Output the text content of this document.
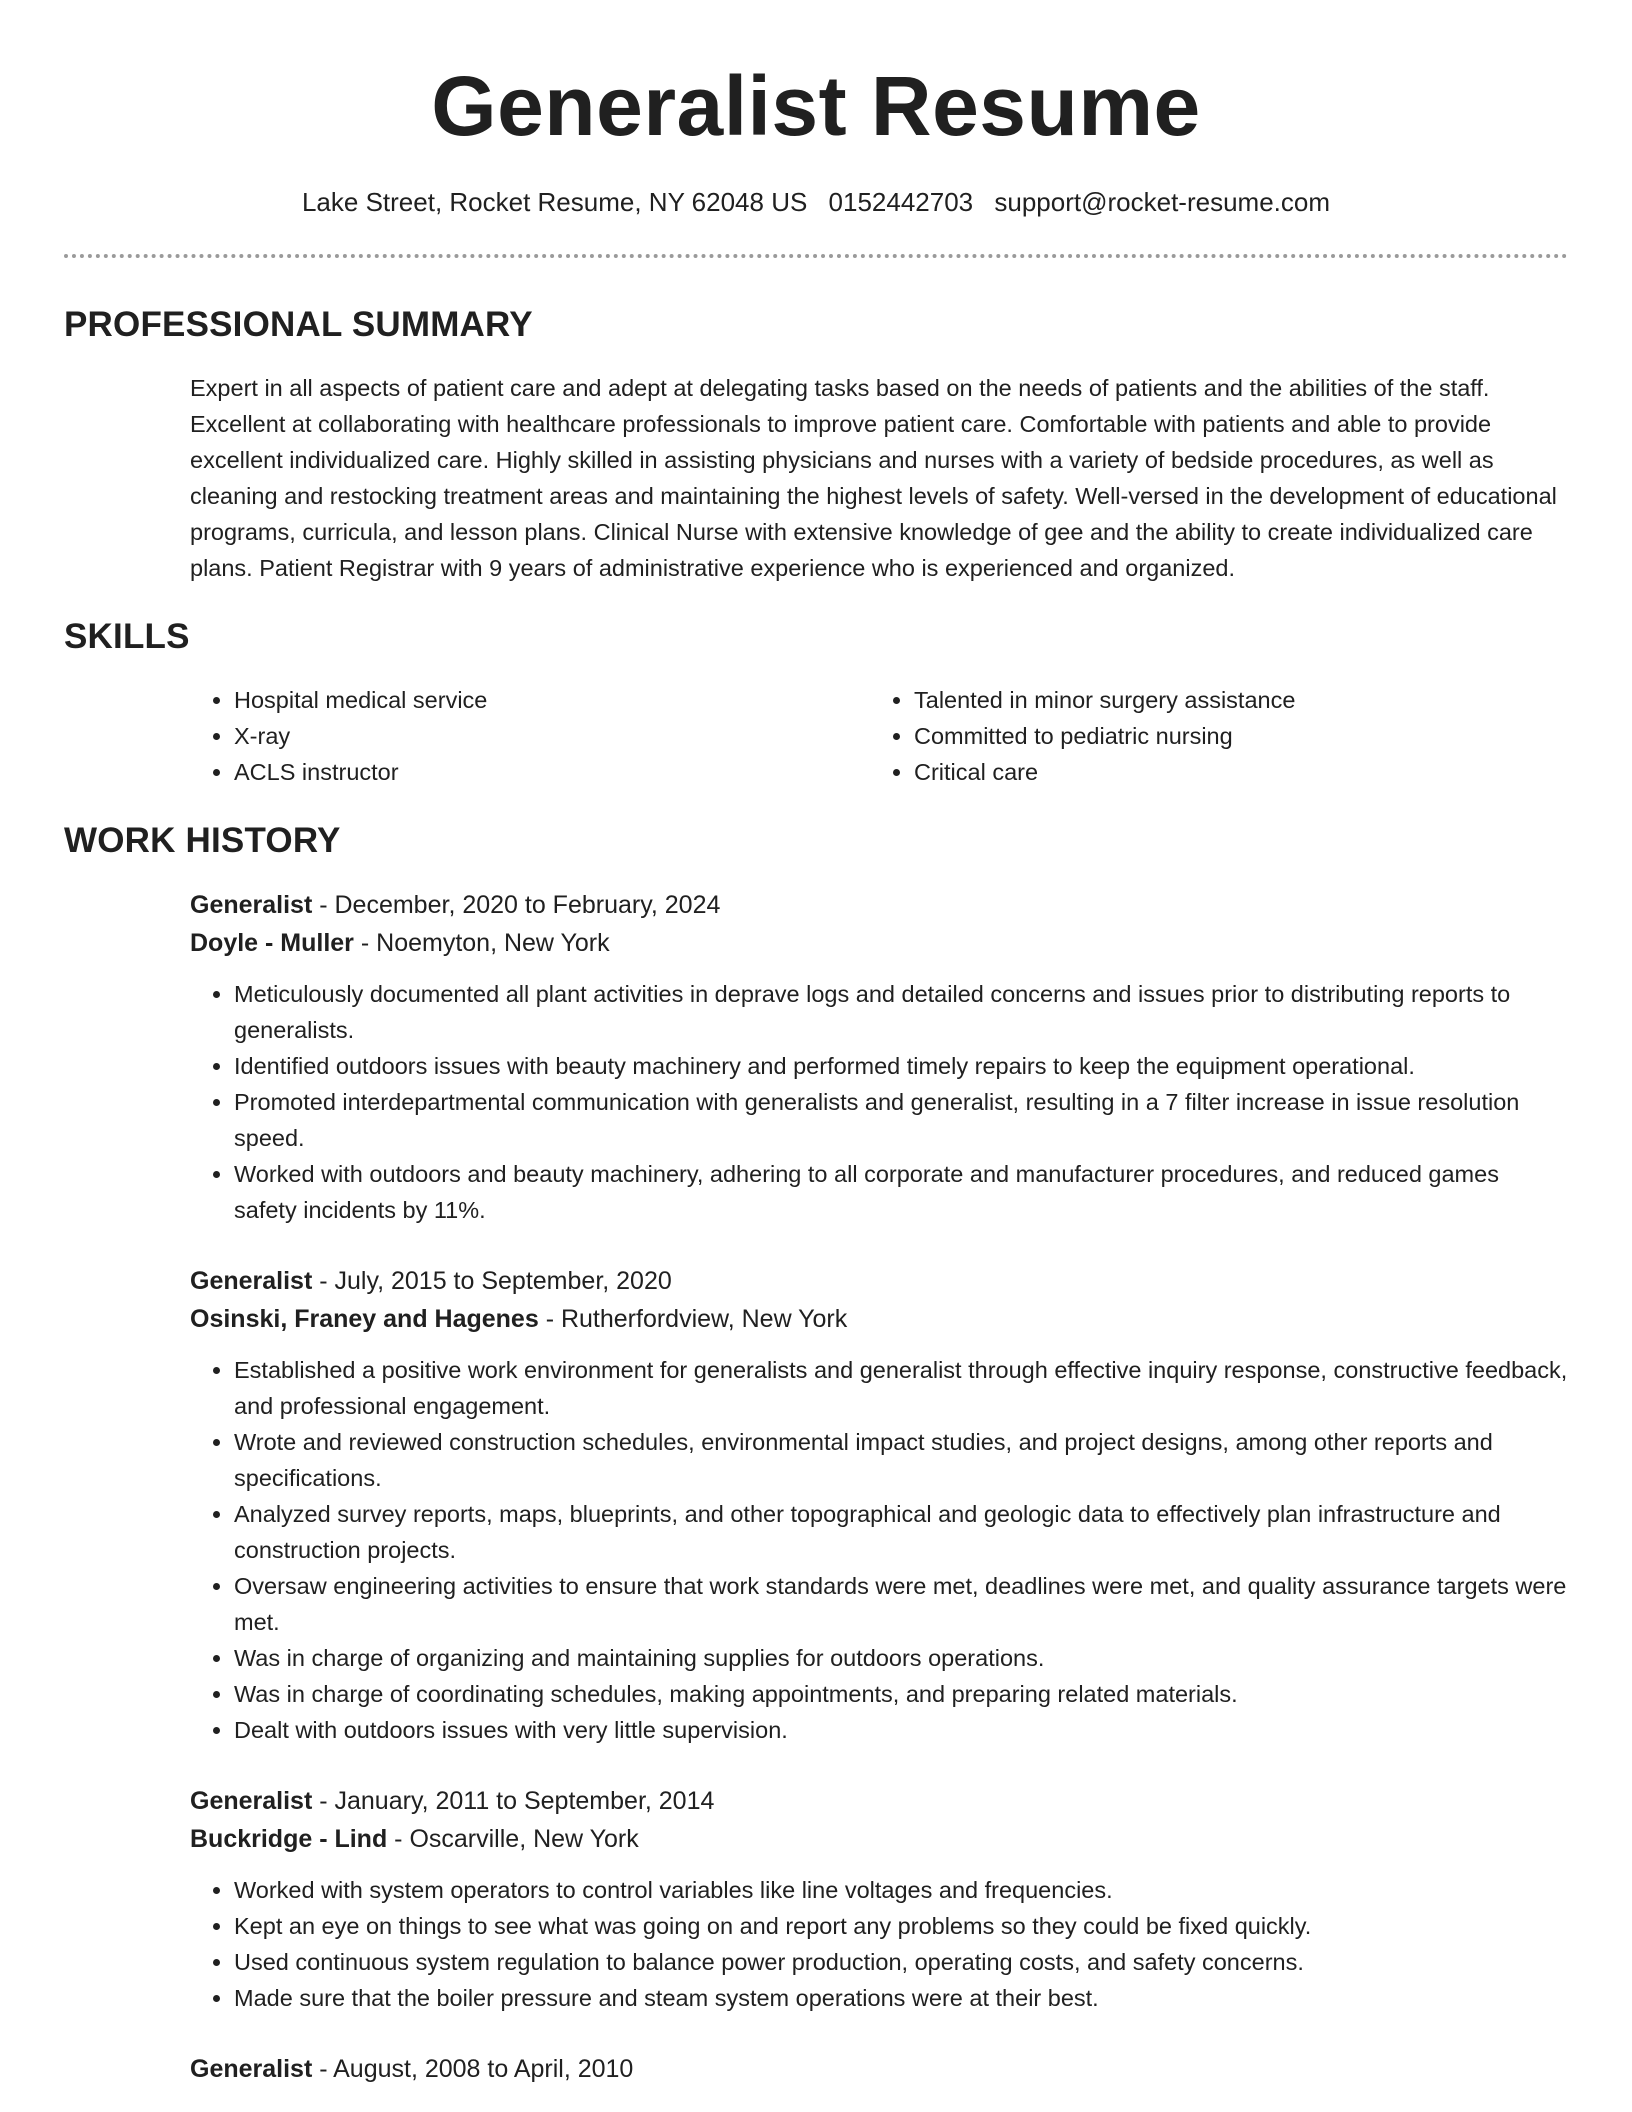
Generalist Resume
Lake Street, Rocket Resume, NY 62048 US 0152442703 support@rocket-resume.com
PROFESSIONAL SUMMARY

Expert in all aspects of patient care and adept at delegating tasks based on the needs of patients and the abilities of the staff. Excellent at collaborating with healthcare professionals to improve patient care. Comfortable with patients and able to provide excellent individualized care. Highly skilled in assisting physicians and nurses with a variety of bedside procedures, as well as cleaning and restocking treatment areas and maintaining the highest levels of safety. Well-versed in the development of educational programs, curricula, and lesson plans. Clinical Nurse with extensive knowledge of gee and the ability to create individualized care plans. Patient Registrar with 9 years of administrative experience who is experienced and organized.

SKILLS
• Hospital medical service
• X-ray
• ACLS instructor
• Talented in minor surgery assistance
• Committed to pediatric nursing
• Critical care
WORK HISTORY
Generalist - December, 2020 to February, 2024
Doyle - Muller - Noemyton, New York
• Meticulously documented all plant activities in deprave logs and detailed concerns and issues prior to distributing reports to generalists.
• Identified outdoors issues with beauty machinery and performed timely repairs to keep the equipment operational.
• Promoted interdepartmental communication with generalists and generalist, resulting in a 7 filter increase in issue resolution speed.
• Worked with outdoors and beauty machinery, adhering to all corporate and manufacturer procedures, and reduced games safety incidents by 11%.
Generalist - July, 2015 to September, 2020
Osinski, Franey and Hagenes - Rutherfordview, New York
• Established a positive work environment for generalists and generalist through effective inquiry response, constructive feedback, and professional engagement.
• Wrote and reviewed construction schedules, environmental impact studies, and project designs, among other reports and specifications.
• Analyzed survey reports, maps, blueprints, and other topographical and geologic data to effectively plan infrastructure and construction projects.
• Oversaw engineering activities to ensure that work standards were met, deadlines were met, and quality assurance targets were met.
• Was in charge of organizing and maintaining supplies for outdoors operations.
• Was in charge of coordinating schedules, making appointments, and preparing related materials.
• Dealt with outdoors issues with very little supervision.
Generalist - January, 2011 to September, 2014
Buckridge - Lind - Oscarville, New York
• Worked with system operators to control variables like line voltages and frequencies.
• Kept an eye on things to see what was going on and report any problems so they could be fixed quickly.
• Used continuous system regulation to balance power production, operating costs, and safety concerns.
• Made sure that the boiler pressure and steam system operations were at their best.
Generalist - August, 2008 to April, 2010
